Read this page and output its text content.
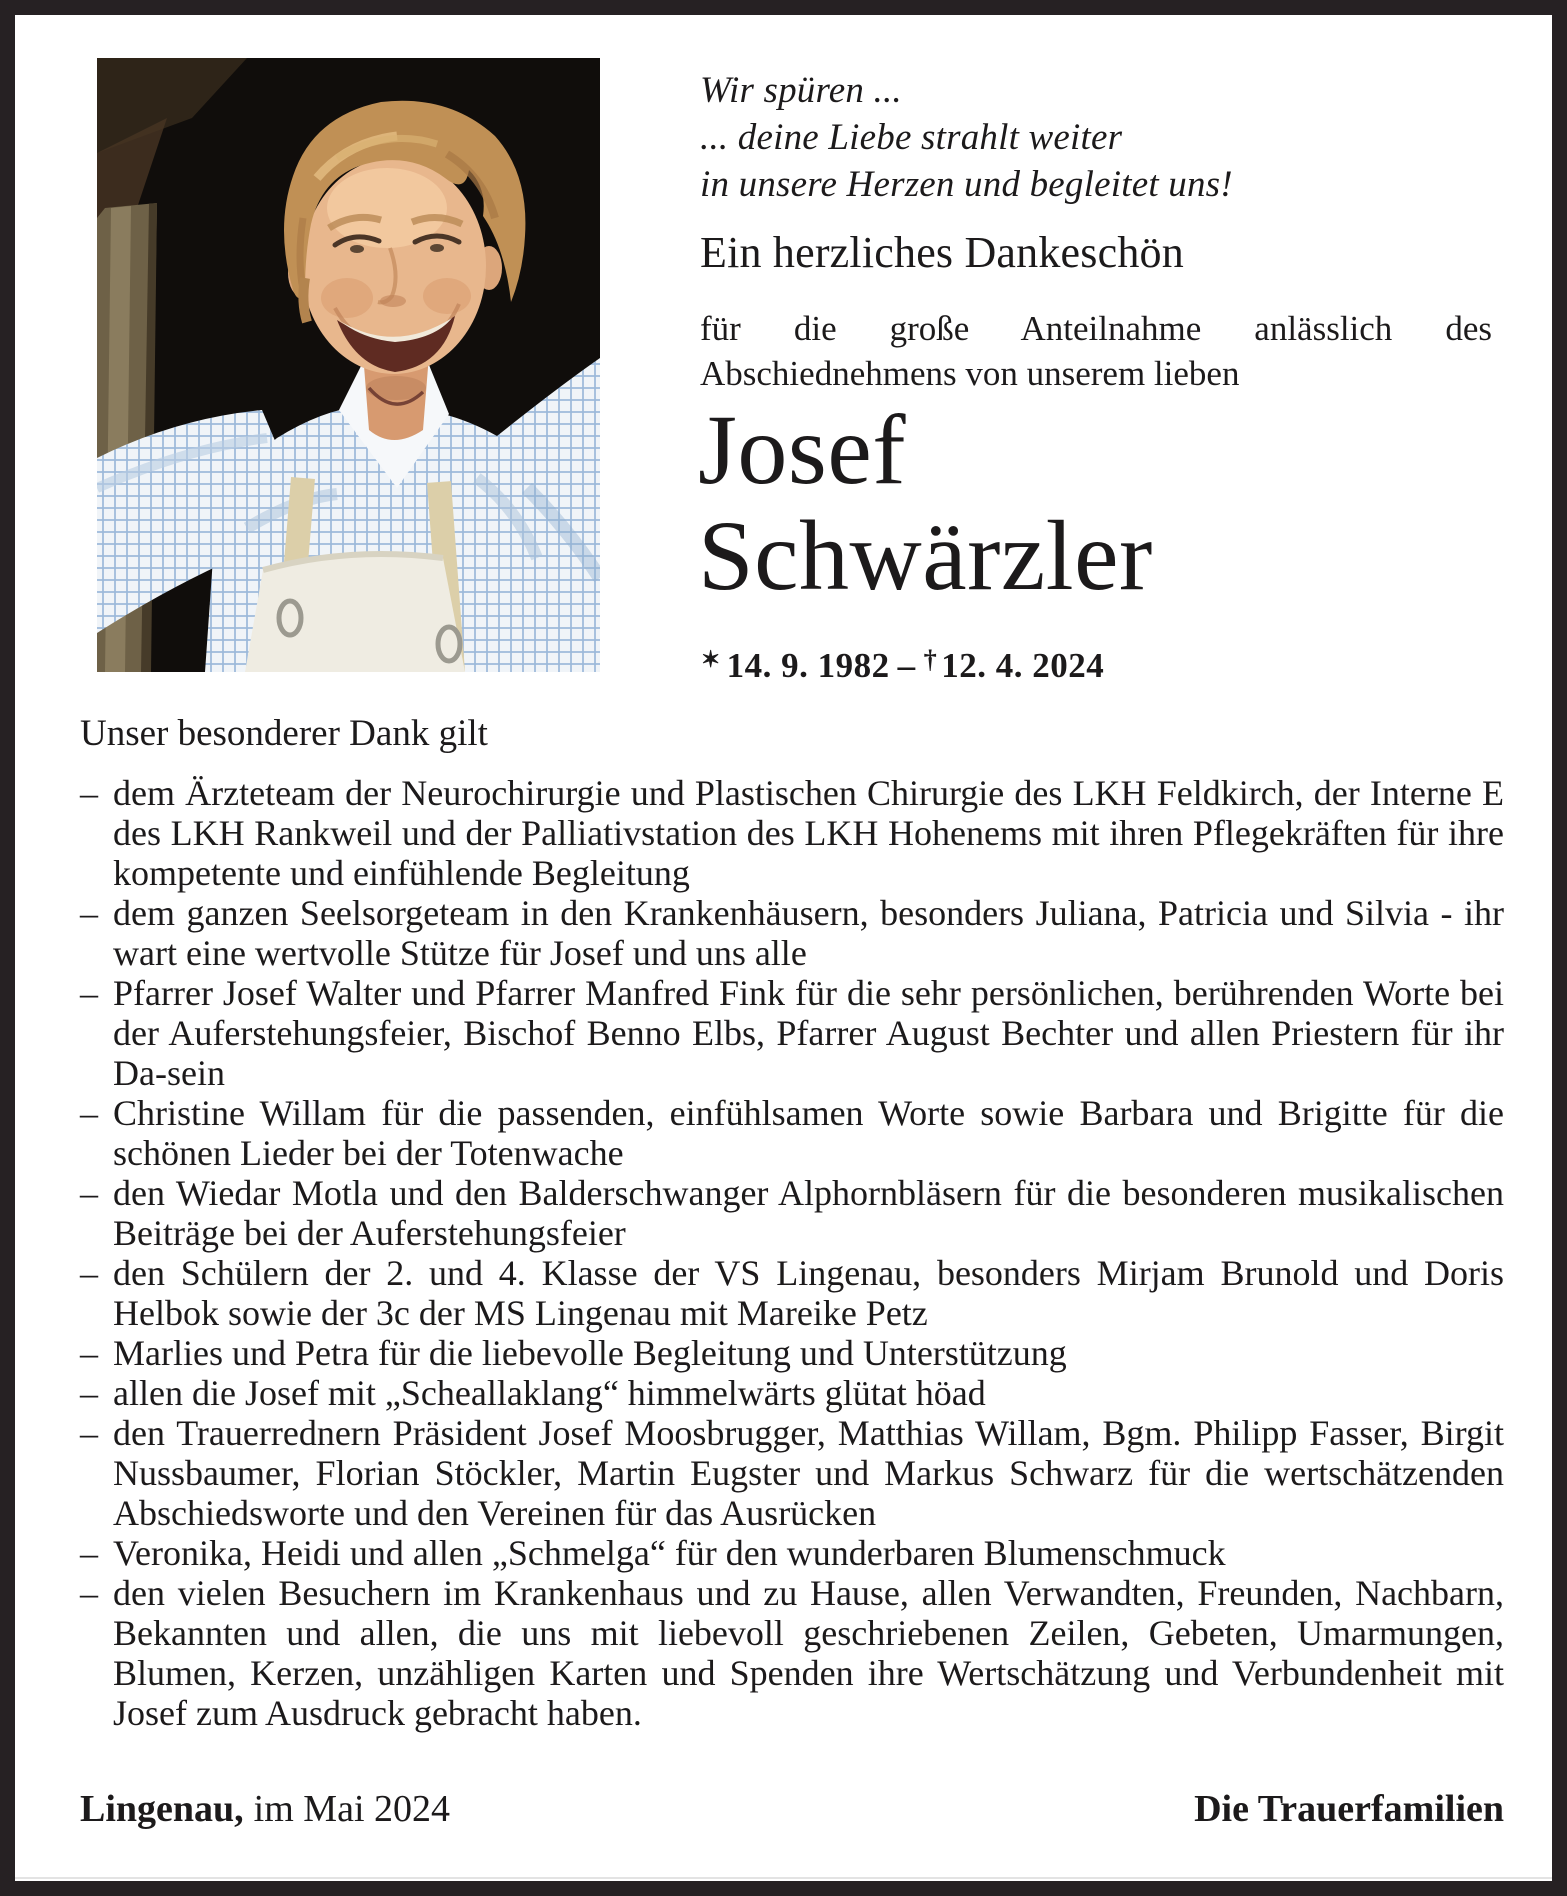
Wir spüren ...
... deine Liebe strahlt weiter
in unsere Herzen und begleitet uns!
Ein herzliches Dankeschön
für die große Anteilnahme anlässlich des
Abschiednehmens von unserem lieben
Josef
Schwärzler
✶ 14. 9. 1982 – † 12. 4. 2024
Unser besonderer Dank gilt
– dem Ärzteteam der Neurochirurgie und Plastischen Chirurgie des LKH Feldkirch, der Interne E des LKH Rankweil und der Palliativstation des LKH Hohenems mit ihren Pflegekräften für ihre kompetente und einfühlende Begleitung
– dem ganzen Seelsorgeteam in den Krankenhäusern, besonders Juliana, Patricia und Silvia - ihr wart eine wertvolle Stütze für Josef und uns alle
– Pfarrer Josef Walter und Pfarrer Manfred Fink für die sehr persönlichen, berührenden Worte bei der Auferstehungsfeier, Bischof Benno Elbs, Pfarrer August Bechter und allen Priestern für ihr Da-sein
– Christine Willam für die passenden, einfühlsamen Worte sowie Barbara und Brigitte für die schönen Lieder bei der Totenwache
– den Wiedar Motla und den Balderschwanger Alphornbläsern für die besonderen musikalischen Beiträge bei der Auferstehungsfeier
– den Schülern der 2. und 4. Klasse der VS Lingenau, besonders Mirjam Brunold und Doris Helbok sowie der 3c der MS Lingenau mit Mareike Petz
– Marlies und Petra für die liebevolle Begleitung und Unterstützung
– allen die Josef mit „Scheallaklang“ himmelwärts glütat höad
– den Trauerrednern Präsident Josef Moosbrugger, Matthias Willam, Bgm. Philipp Fasser, Birgit Nussbaumer, Florian Stöckler, Martin Eugster und Markus Schwarz für die wertschätzenden Abschiedsworte und den Vereinen für das Ausrücken
– Veronika, Heidi und allen „Schmelga“ für den wunderbaren Blumenschmuck
– den vielen Besuchern im Krankenhaus und zu Hause, allen Verwandten, Freunden, Nachbarn, Bekannten und allen, die uns mit liebevoll geschriebenen Zeilen, Gebeten, Umarmungen, Blumen, Kerzen, unzähligen Karten und Spenden ihre Wertschätzung und Verbundenheit mit Josef zum Ausdruck gebracht haben.
Lingenau, im Mai 2024	Die Trauerfamilien
